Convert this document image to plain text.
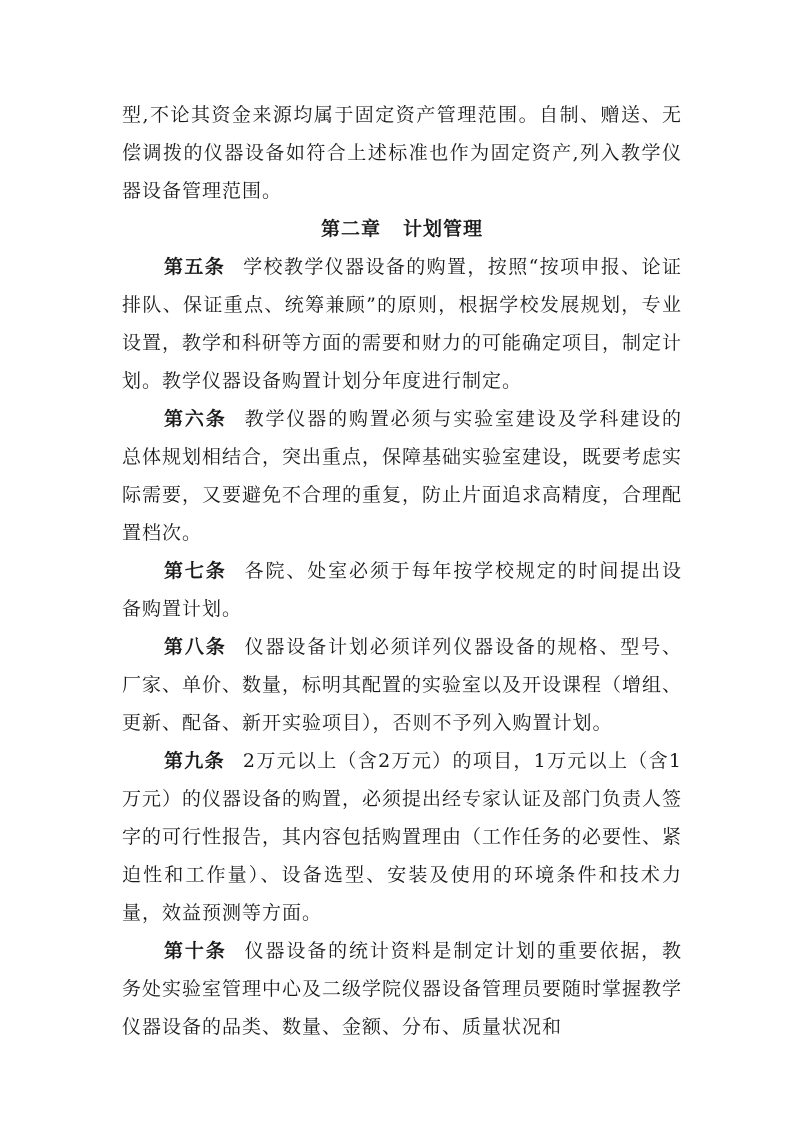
型,不论其资金来源均属于固定资产管理范围。自制、赠送、无偿调拨的仪器设备如符合上述标准也作为固定资产,列入教学仪器设备管理范围。

第二章 计划管理

第五条 学校教学仪器设备的购置，按照“按项申报、论证排队、保证重点、统筹兼顾”的原则，根据学校发展规划，专业设置，教学和科研等方面的需要和财力的可能确定项目，制定计划。教学仪器设备购置计划分年度进行制定。

第六条 教学仪器的购置必须与实验室建设及学科建设的总体规划相结合，突出重点，保障基础实验室建设，既要考虑实际需要，又要避免不合理的重复，防止片面追求高精度，合理配置档次。

第七条 各院、处室必须于每年按学校规定的时间提出设备购置计划。

第八条 仪器设备计划必须详列仪器设备的规格、型号、厂家、单价、数量，标明其配置的实验室以及开设课程（增组、更新、配备、新开实验项目），否则不予列入购置计划。

第九条 2万元以上（含2万元）的项目，1万元以上（含1万元）的仪器设备的购置，必须提出经专家认证及部门负责人签字的可行性报告，其内容包括购置理由（工作任务的必要性、紧迫性和工作量）、设备选型、安装及使用的环境条件和技术力量，效益预测等方面。

第十条 仪器设备的统计资料是制定计划的重要依据，教务处实验室管理中心及二级学院仪器设备管理员要随时掌握教学仪器设备的品类、数量、金额、分布、质量状况和
